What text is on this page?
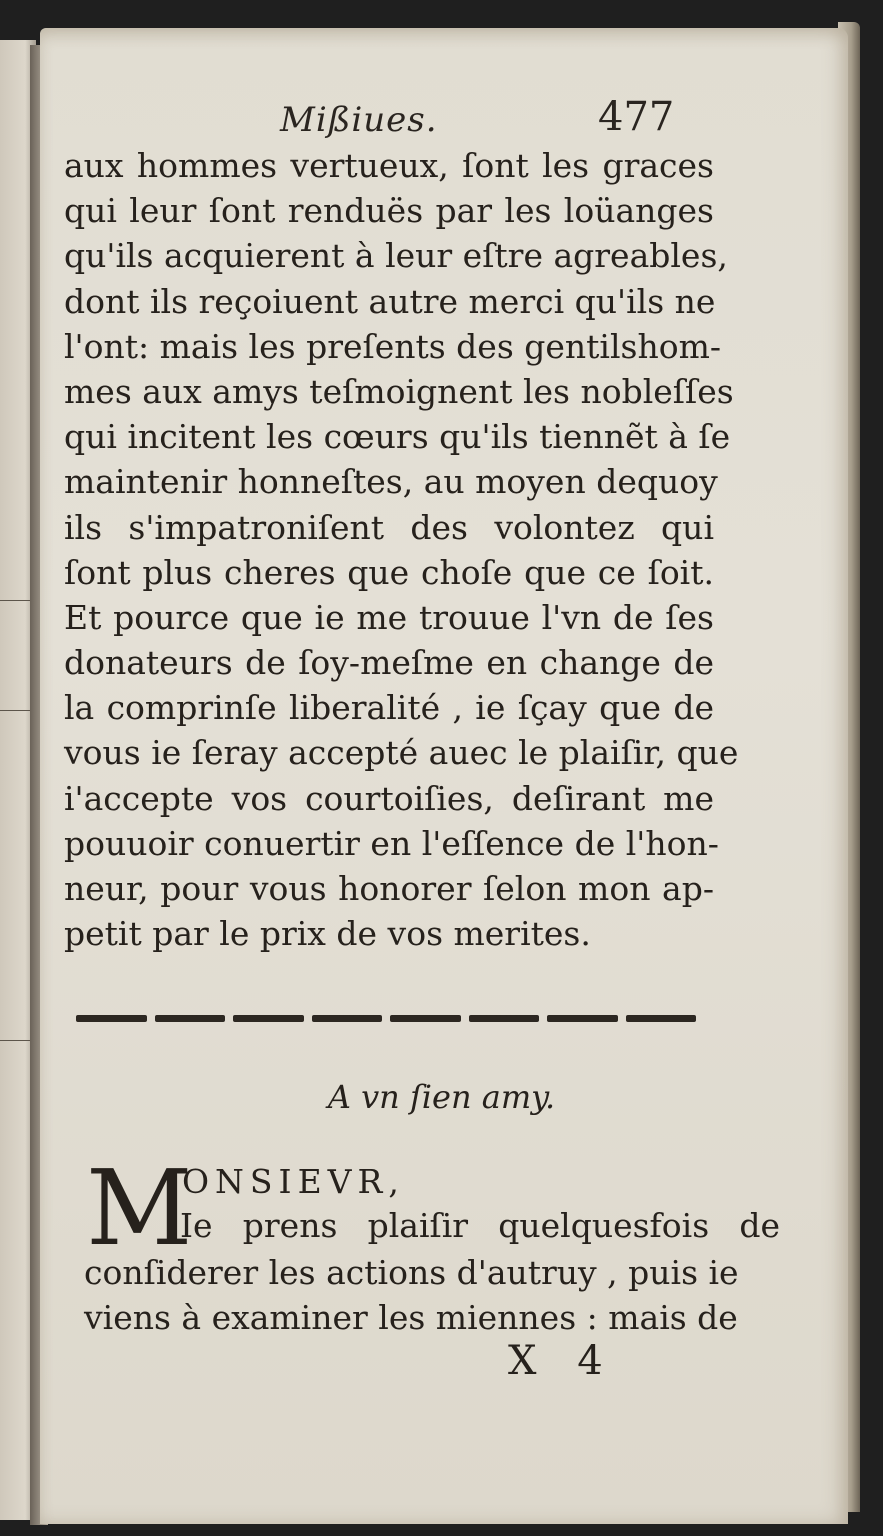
Mißiues.	477
aux hommes vertueux, ſont les graces
qui leur ſont renduës par les loüanges
qu'ils acquierent à leur eſtre agreables,
dont ils reçoiuent autre merci qu'ils ne
l'ont: mais les preſents des gentilshom-
mes aux amys teſmoignent les nobleſſes
qui incitent les cœurs qu'ils tiennẽt à ſe
maintenir honneſtes, au moyen dequoy
ils s'impatroniſent des volontez qui
ſont plus cheres que choſe que ce ſoit.
Et pource que ie me trouue l'vn de ſes
donateurs de ſoy-meſme en change de
la comprinſe liberalité , ie ſçay que de
vous ie ſeray accepté auec le plaiſir, que
i'accepte vos courtoiſies, deſirant me
pouuoir conuertir en l'eſſence de l'hon-
neur, pour vous honorer ſelon mon ap-
petit par le prix de vos merites.
A vn ſien amy.
M
ONSIEVR,
Ie prens plaiſir quelquesfois de
conſiderer les actions d'autruy , puis ie
viens à examiner les miennes : mais de
X 4
